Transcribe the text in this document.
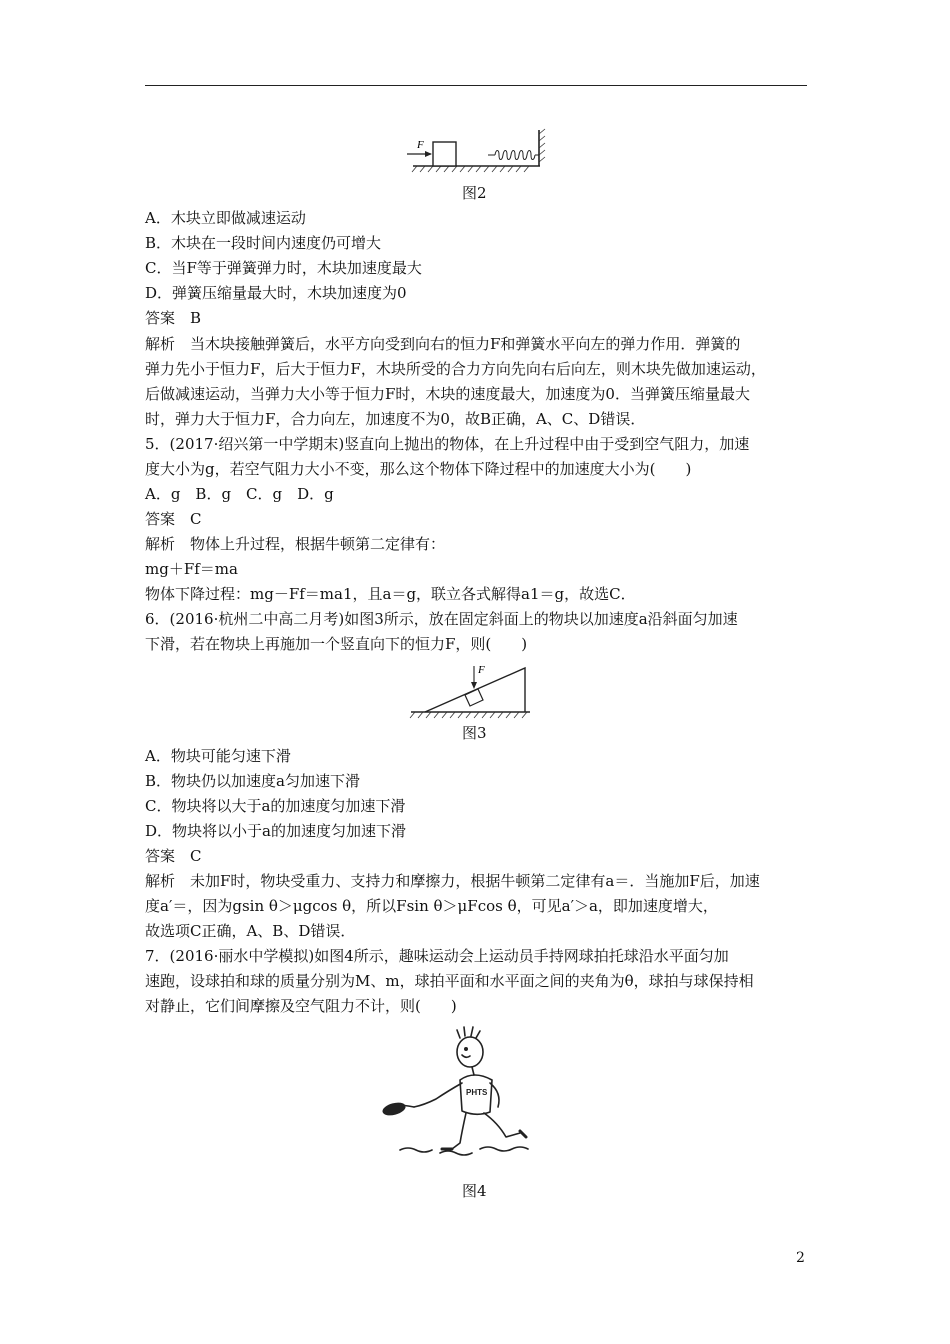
F
图2
A．木块立即做减速运动
B．木块在一段时间内速度仍可增大
C．当F等于弹簧弹力时，木块加速度最大
D．弹簧压缩量最大时，木块加速度为0
答案　B
解析　当木块接触弹簧后，水平方向受到向右的恒力F和弹簧水平向左的弹力作用．弹簧的
弹力先小于恒力F，后大于恒力F，木块所受的合力方向先向右后向左，则木块先做加速运动，
后做减速运动，当弹力大小等于恒力F时，木块的速度最大，加速度为0．当弹簧压缩量最大
时，弹力大于恒力F，合力向左，加速度不为0，故B正确，A、C、D错误．
5．(2017·绍兴第一中学期末)竖直向上抛出的物体，在上升过程中由于受到空气阻力，加速
度大小为g，若空气阻力大小不变，那么这个物体下降过程中的加速度大小为(　　)
A．g　B．g　C．g　D．g
答案　C
解析　物体上升过程，根据牛顿第二定律有：
mg＋Ff＝ma
物体下降过程：mg－Ff＝ma1，且a＝g，联立各式解得a1＝g，故选C．
6．(2016·杭州二中高二月考)如图3所示，放在固定斜面上的物块以加速度a沿斜面匀加速
下滑，若在物块上再施加一个竖直向下的恒力F，则(　　)
F
图3
A．物块可能匀速下滑
B．物块仍以加速度a匀加速下滑
C．物块将以大于a的加速度匀加速下滑
D．物块将以小于a的加速度匀加速下滑
答案　C
解析　未加F时，物块受重力、支持力和摩擦力，根据牛顿第二定律有a＝．当施加F后，加速
度a′＝，因为gsin θ＞μgcos θ，所以Fsin θ＞μFcos θ，可见a′＞a，即加速度增大，
故选项C正确，A、B、D错误．
7．(2016·丽水中学模拟)如图4所示，趣味运动会上运动员手持网球拍托球沿水平面匀加
速跑，设球拍和球的质量分别为M、m，球拍平面和水平面之间的夹角为θ，球拍与球保持相
对静止，它们间摩擦及空气阻力不计，则(　　)
PHTS
图4
2
